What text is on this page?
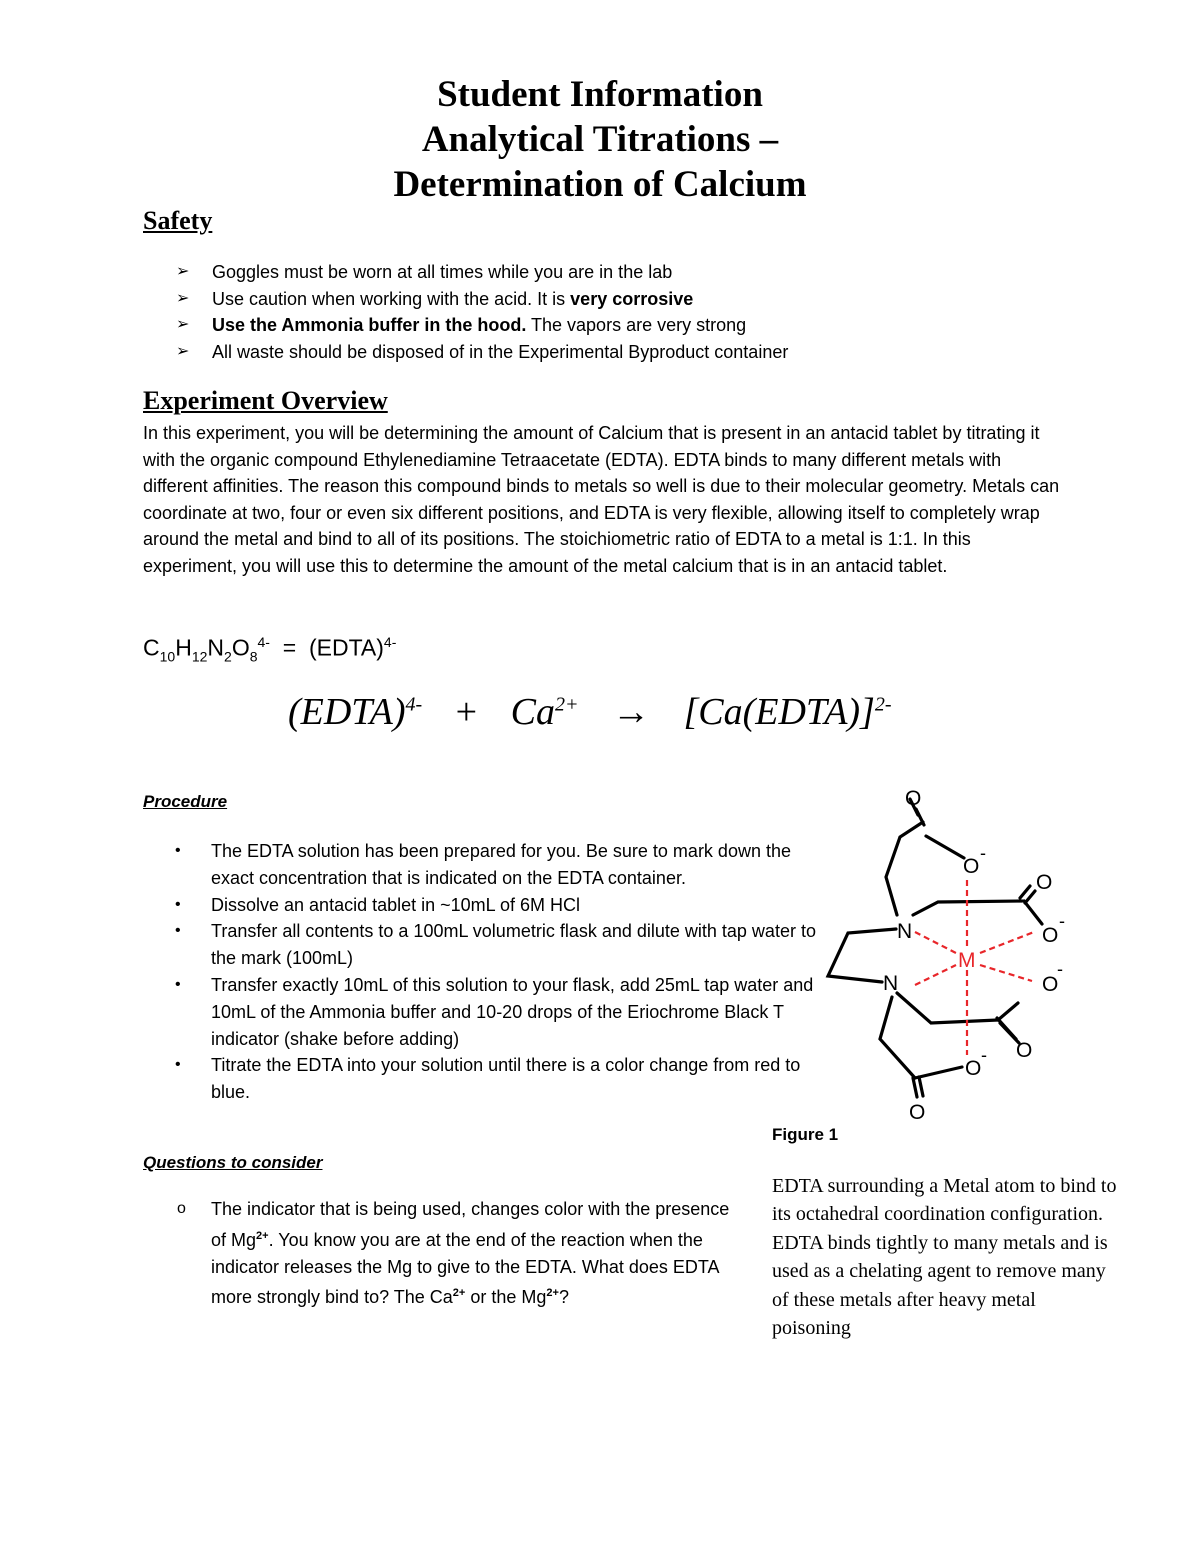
Student Information
Analytical Titrations –
Determination of Calcium
Safety
➢ Goggles must be worn at all times while you are in the lab
➢ Use caution when working with the acid. It is very corrosive
➢ Use the Ammonia buffer in the hood. The vapors are very strong
➢ All waste should be disposed of in the Experimental Byproduct container
Experiment Overview
In this experiment, you will be determining the amount of Calcium that is present in an antacid tablet by titrating it with the organic compound Ethylenediamine Tetraacetate (EDTA). EDTA binds to many different metals with different affinities. The reason this compound binds to metals so well is due to their molecular geometry. Metals can coordinate at two, four or even six different positions, and EDTA is very flexible, allowing itself to completely wrap around the metal and bind to all of its positions. The stoichiometric ratio of EDTA to a metal is 1:1. In this experiment, you will use this to determine the amount of the metal calcium that is in an antacid tablet.
$C_{10}H_{12}N_2O_8^{4-}$ = (EDTA)$^{4-}$
(EDTA)$^{4-}$ + $Ca^{2+}$ → [Ca(EDTA)]$^{2-}$
Procedure
• The EDTA solution has been prepared for you. Be sure to mark down the exact concentration that is indicated on the EDTA container.
• Dissolve an antacid tablet in ~10mL of 6M HCl
• Transfer all contents to a 100mL volumetric flask and dilute with tap water to the mark (100mL)
• Transfer exactly 10mL of this solution to your flask, add 25mL tap water and 10mL of the Ammonia buffer and 10-20 drops of the Eriochrome Black T indicator (shake before adding)
• Titrate the EDTA into your solution until there is a color change from red to blue.
Questions to consider
o The indicator that is being used, changes color with the presence of $Mg^{2+}$. You know you are at the end of the reaction when the indicator releases the Mg to give to the EDTA. What does EDTA more strongly bind to? The $Ca^{2+}$ or the $Mg^{2+}$?
O
O
-
O
N	O
-
M
N	O
-
O
O
-
O
Figure 1
EDTA surrounding a Metal atom to bind to its octahedral coordination configuration. EDTA binds tightly to many metals and is used as a chelating agent to remove many of these metals after heavy metal poisoning
